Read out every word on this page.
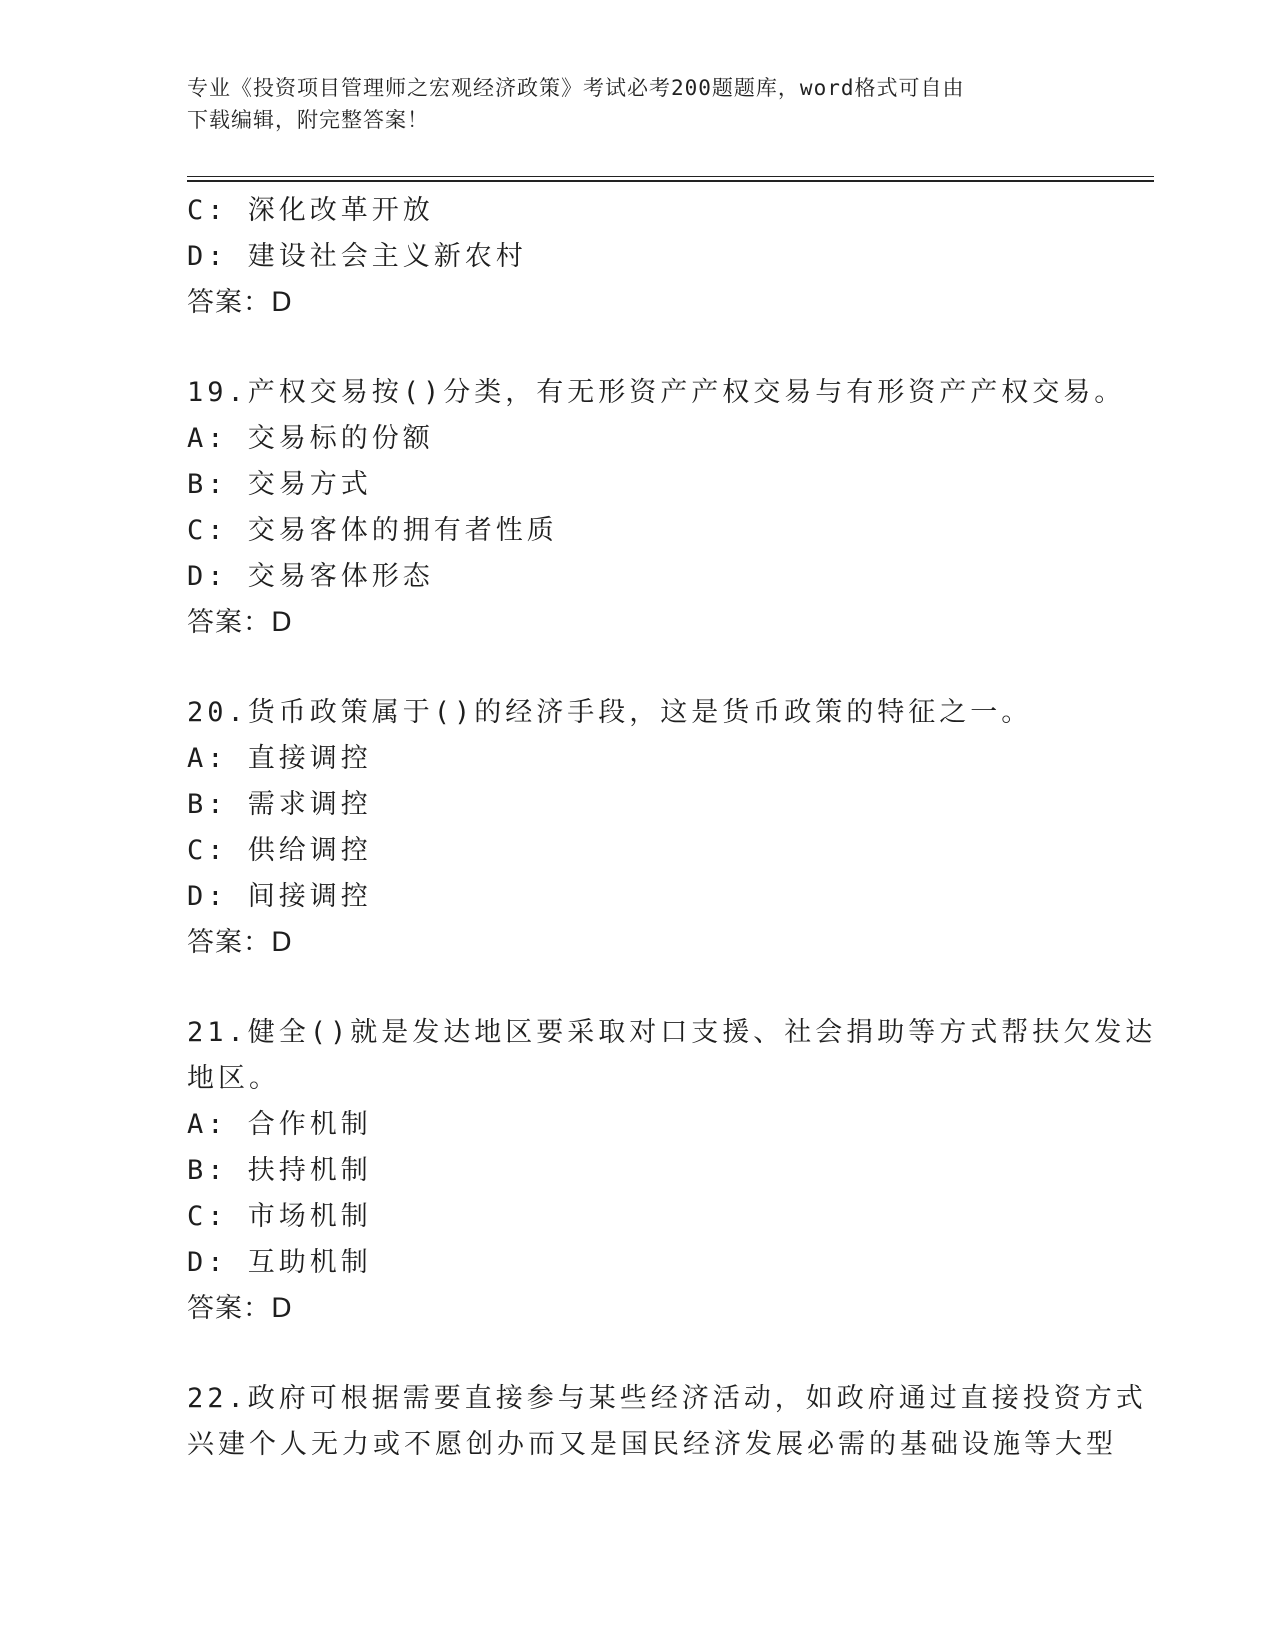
专业《投资项目管理师之宏观经济政策》考试必考200题题库，word格式可自由
下载编辑，附完整答案！
C: 深化改革开放
D: 建设社会主义新农村
答案：D
19.产权交易按()分类，有无形资产产权交易与有形资产产权交易。
A: 交易标的份额
B: 交易方式
C: 交易客体的拥有者性质
D: 交易客体形态
答案：D
20.货币政策属于()的经济手段，这是货币政策的特征之一。
A: 直接调控
B: 需求调控
C: 供给调控
D: 间接调控
答案：D
21.健全()就是发达地区要采取对口支援、社会捐助等方式帮扶欠发达
地区。
A: 合作机制
B: 扶持机制
C: 市场机制
D: 互助机制
答案：D
22.政府可根据需要直接参与某些经济活动，如政府通过直接投资方式
兴建个人无力或不愿创办而又是国民经济发展必需的基础设施等大型
